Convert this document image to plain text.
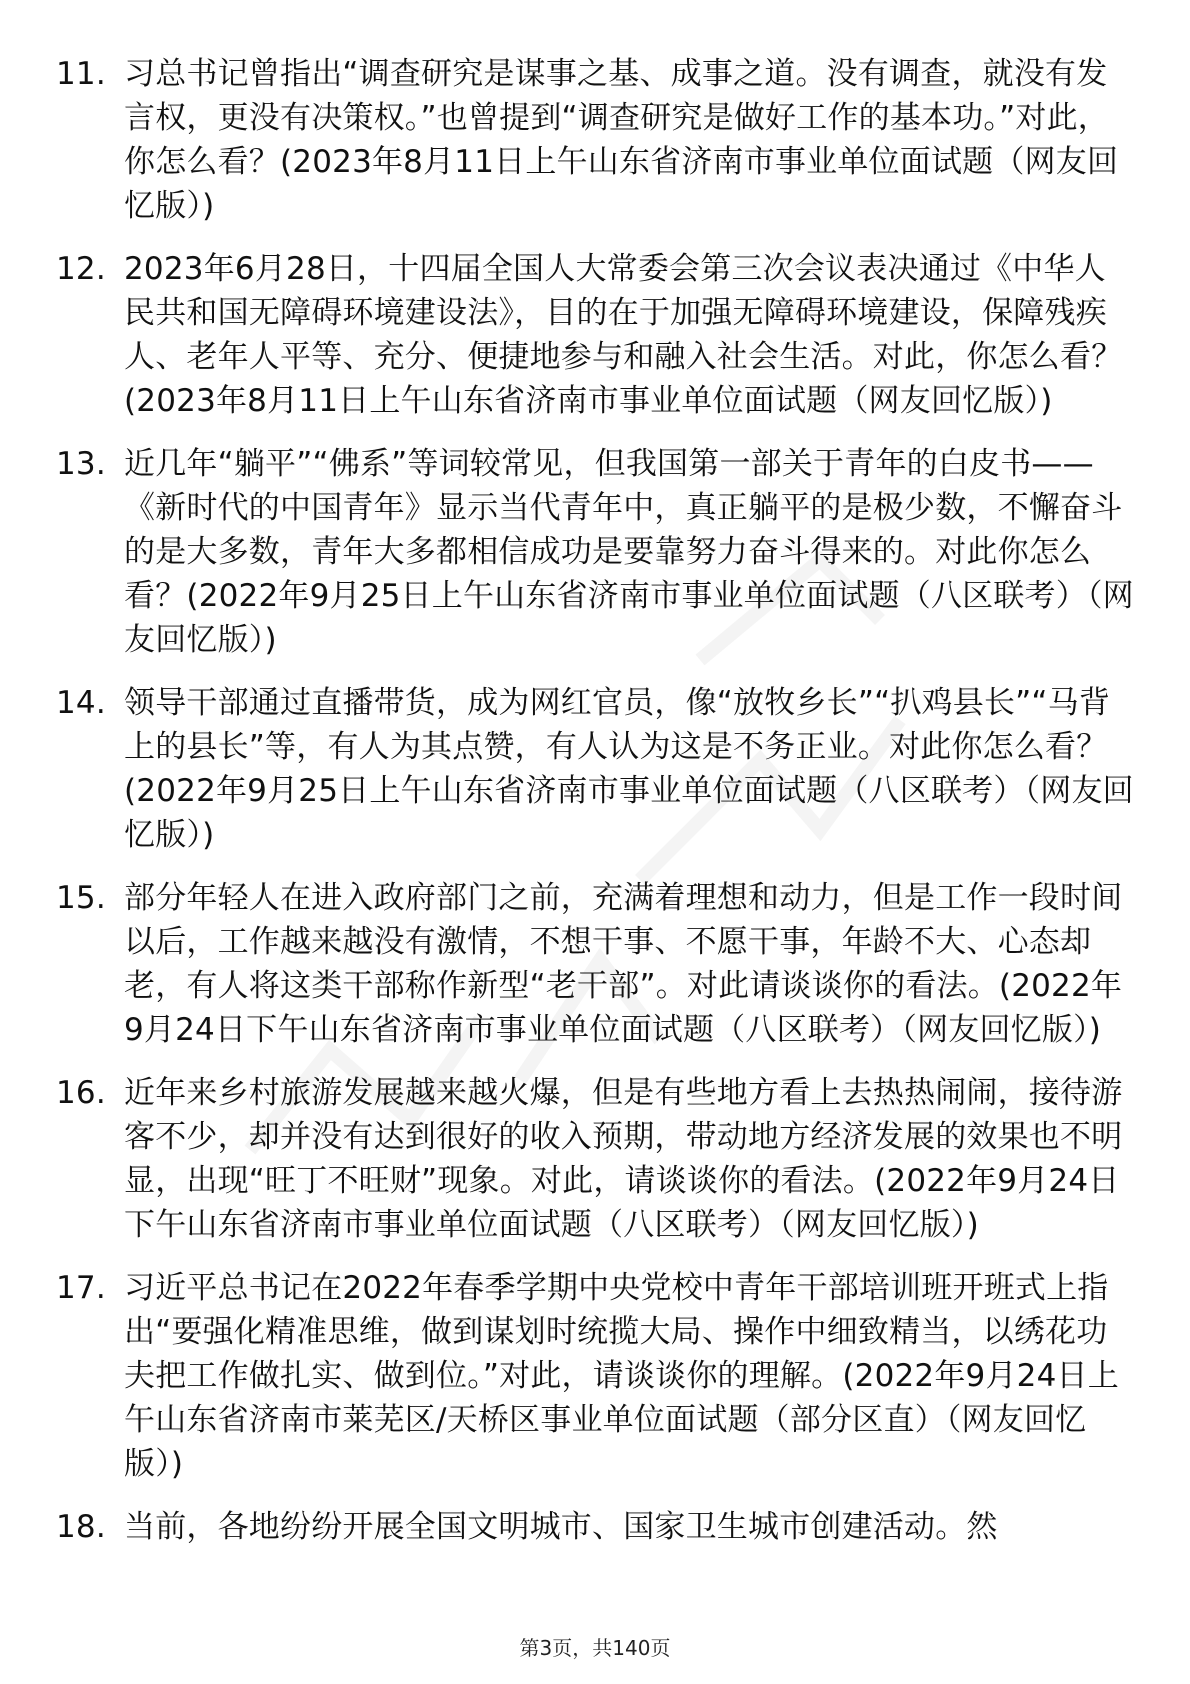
11. 习总书记曾指出“调查研究是谋事之基、成事之道。没有调查，就没有发言权，更没有决策权。”也曾提到“调查研究是做好工作的基本功。”对此，你怎么看？(2023年8月11日上午山东省济南市事业单位面试题（网友回忆版）)
12. 2023年6月28日，十四届全国人大常委会第三次会议表决通过《中华人民共和国无障碍环境建设法》，目的在于加强无障碍环境建设，保障残疾人、老年人平等、充分、便捷地参与和融入社会生活。对此，你怎么看？(2023年8月11日上午山东省济南市事业单位面试题（网友回忆版）)
13. 近几年“躺平”“佛系”等词较常见，但我国第一部关于青年的白皮书——《新时代的中国青年》显示当代青年中，真正躺平的是极少数，不懈奋斗的是大多数，青年大多都相信成功是要靠努力奋斗得来的。对此你怎么看？(2022年9月25日上午山东省济南市事业单位面试题（八区联考）（网友回忆版）)
14. 领导干部通过直播带货，成为网红官员，像“放牧乡长”“扒鸡县长”“马背上的县长”等，有人为其点赞，有人认为这是不务正业。对此你怎么看？(2022年9月25日上午山东省济南市事业单位面试题（八区联考）（网友回忆版）)
15. 部分年轻人在进入政府部门之前，充满着理想和动力，但是工作一段时间以后，工作越来越没有激情，不想干事、不愿干事，年龄不大、心态却老，有人将这类干部称作新型“老干部”。对此请谈谈你的看法。(2022年9月24日下午山东省济南市事业单位面试题（八区联考）（网友回忆版）)
16. 近年来乡村旅游发展越来越火爆，但是有些地方看上去热热闹闹，接待游客不少，却并没有达到很好的收入预期，带动地方经济发展的效果也不明显，出现“旺丁不旺财”现象。对此，请谈谈你的看法。(2022年9月24日下午山东省济南市事业单位面试题（八区联考）（网友回忆版）)
17. 习近平总书记在2022年春季学期中央党校中青年干部培训班开班式上指出“要强化精准思维，做到谋划时统揽大局、操作中细致精当，以绣花功夫把工作做扎实、做到位。”对此，请谈谈你的理解。(2022年9月24日上午山东省济南市莱芜区/天桥区事业单位面试题（部分区直）（网友回忆版）)
18. 当前，各地纷纷开展全国文明城市、国家卫生城市创建活动。然
第3页，共140页
